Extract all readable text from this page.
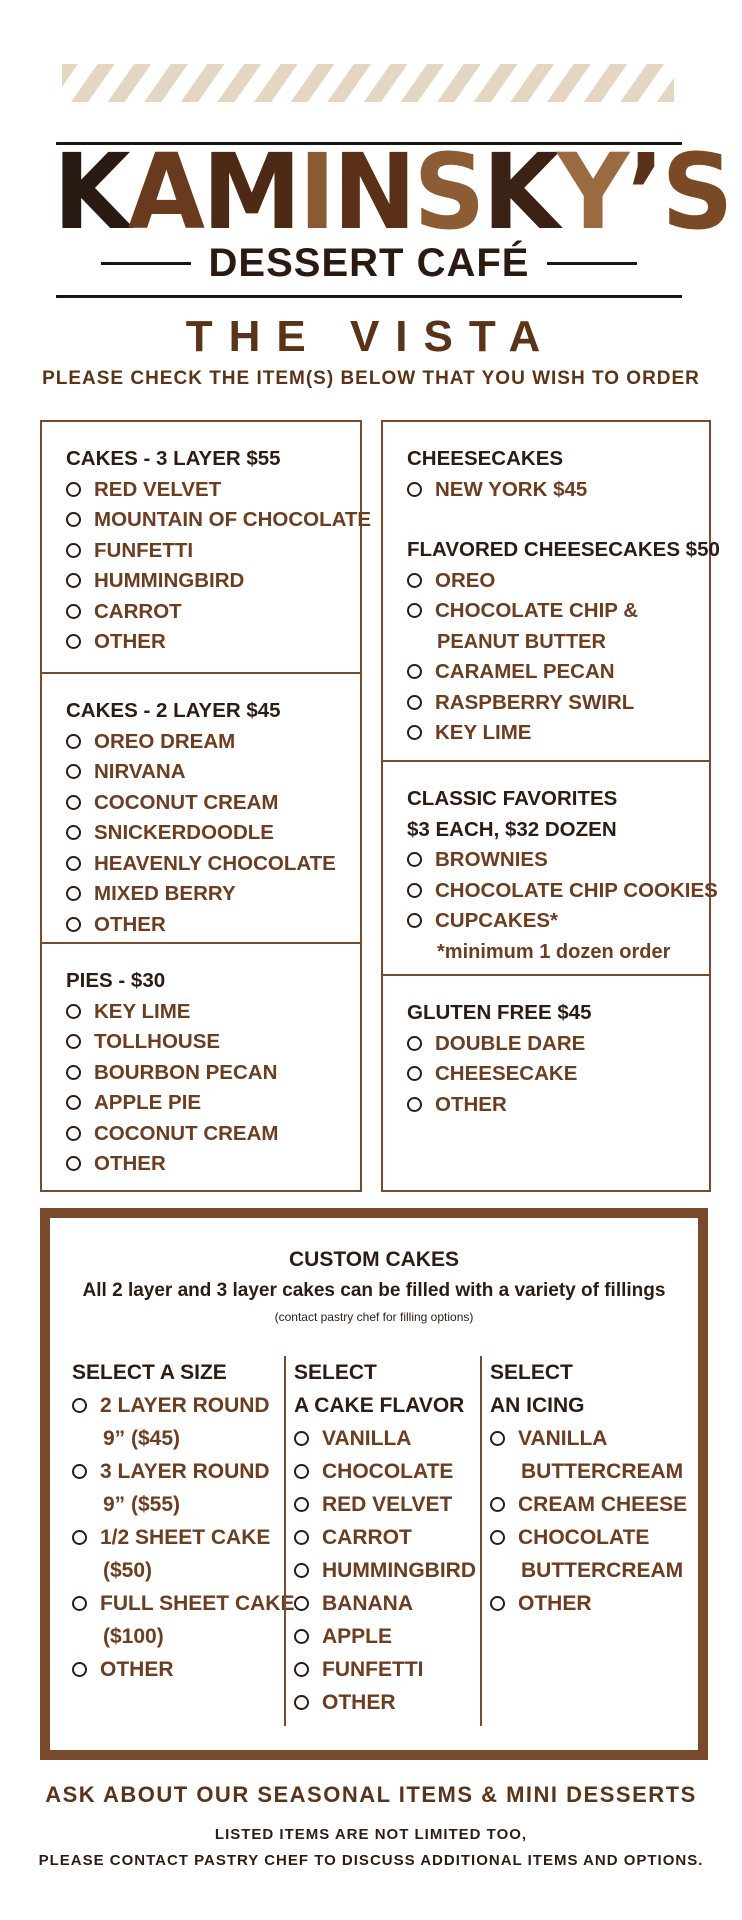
KAMINSKY’S
DESSERT CAFÉ
THE VISTA
PLEASE CHECK THE ITEM(S) BELOW THAT YOU WISH TO ORDER
CAKES - 3 LAYER $55
RED VELVET
MOUNTAIN OF CHOCOLATE
FUNFETTI
HUMMINGBIRD
CARROT
OTHER
CAKES - 2 LAYER $45
OREO DREAM
NIRVANA
COCONUT CREAM
SNICKERDOODLE
HEAVENLY CHOCOLATE
MIXED BERRY
OTHER
PIES - $30
KEY LIME
TOLLHOUSE
BOURBON PECAN
APPLE PIE
COCONUT CREAM
OTHER
CHEESECAKES
NEW YORK $45
FLAVORED CHEESECAKES $50
OREO
CHOCOLATE CHIP &
PEANUT BUTTER
CARAMEL PECAN
RASPBERRY SWIRL
KEY LIME
CLASSIC FAVORITES
$3 EACH, $32 DOZEN
BROWNIES
CHOCOLATE CHIP COOKIES
CUPCAKES*
*minimum 1 dozen order
GLUTEN FREE $45
DOUBLE DARE
CHEESECAKE
OTHER
CUSTOM CAKES
All 2 layer and 3 layer cakes can be filled with a variety of fillings
(contact pastry chef for filling options)
SELECT A SIZE
2 LAYER ROUND
9” ($45)
3 LAYER ROUND
9” ($55)
1/2 SHEET CAKE
($50)
FULL SHEET CAKE
($100)
OTHER
SELECT
A CAKE FLAVOR
VANILLA
CHOCOLATE
RED VELVET
CARROT
HUMMINGBIRD
BANANA
APPLE
FUNFETTI
OTHER
SELECT
AN ICING
VANILLA
BUTTERCREAM
CREAM CHEESE
CHOCOLATE
BUTTERCREAM
OTHER
ASK ABOUT OUR SEASONAL ITEMS & MINI DESSERTS
LISTED ITEMS ARE NOT LIMITED TOO,
PLEASE CONTACT PASTRY CHEF TO DISCUSS ADDITIONAL ITEMS AND OPTIONS.
